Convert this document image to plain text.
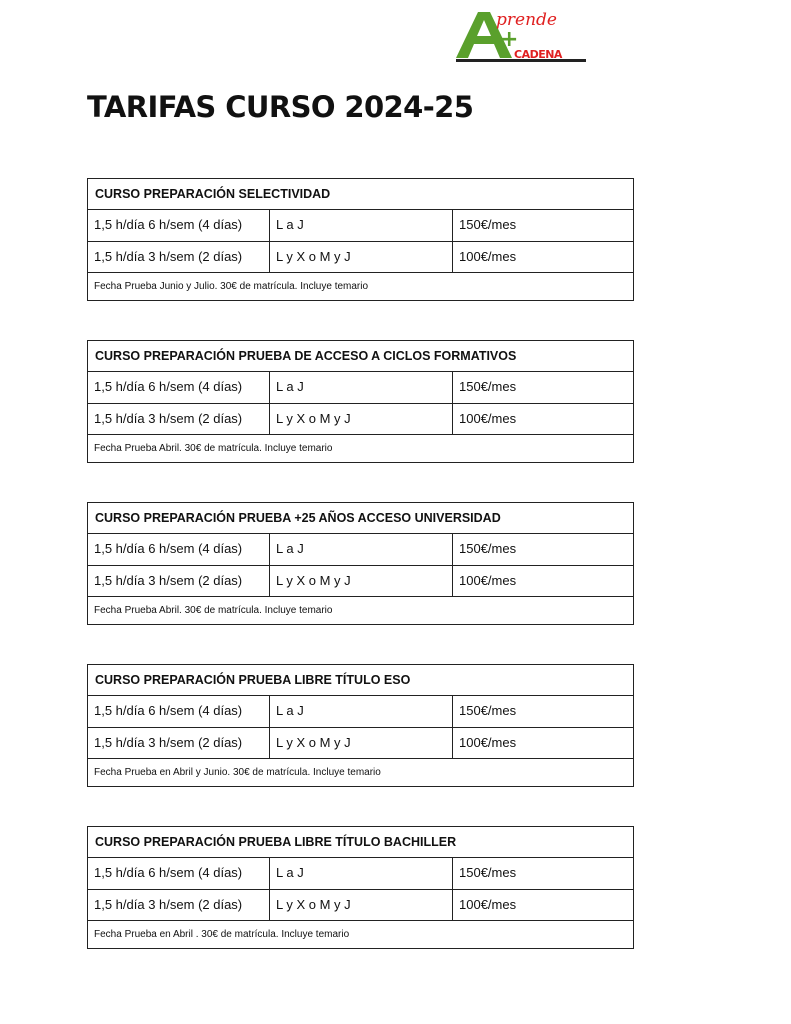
prende
+
CADENA
TARIFAS CURSO 2024-25
CURSO PREPARACIÓN SELECTIVIDAD
1,5 h/día 6 h/sem (4 días)	L a J	150€/mes
1,5 h/día 3 h/sem (2 días)	L y X o M y J	100€/mes
Fecha Prueba Junio y Julio. 30€ de matrícula. Incluye temario
CURSO PREPARACIÓN PRUEBA DE ACCESO A CICLOS FORMATIVOS
1,5 h/día 6 h/sem (4 días)	L a J	150€/mes
1,5 h/día 3 h/sem (2 días)	L y X o M y J	100€/mes
Fecha Prueba Abril. 30€ de matrícula. Incluye temario
CURSO PREPARACIÓN PRUEBA +25 AÑOS ACCESO UNIVERSIDAD
1,5 h/día 6 h/sem (4 días)	L a J	150€/mes
1,5 h/día 3 h/sem (2 días)	L y X o M y J	100€/mes
Fecha Prueba Abril. 30€ de matrícula. Incluye temario
CURSO PREPARACIÓN PRUEBA LIBRE TÍTULO ESO
1,5 h/día 6 h/sem (4 días)	L a J	150€/mes
1,5 h/día 3 h/sem (2 días)	L y X o M y J	100€/mes
Fecha Prueba en Abril y Junio. 30€ de matrícula. Incluye temario
CURSO PREPARACIÓN PRUEBA LIBRE TÍTULO BACHILLER
1,5 h/día 6 h/sem (4 días)	L a J	150€/mes
1,5 h/día 3 h/sem (2 días)	L y X o M y J	100€/mes
Fecha Prueba en Abril . 30€ de matrícula. Incluye temario
